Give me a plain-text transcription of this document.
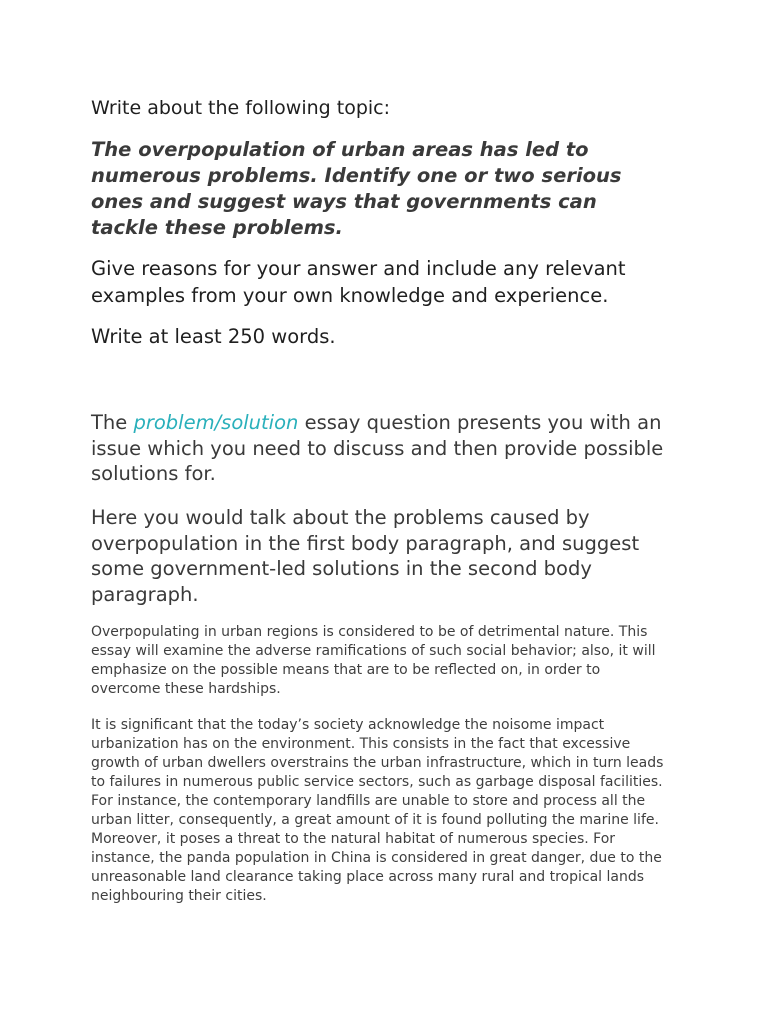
Write about the following topic:

The overpopulation of urban areas has led to numerous problems. Identify one or two serious ones and suggest ways that governments can tackle these problems.

Give reasons for your answer and include any relevant examples from your own knowledge and experience.

Write at least 250 words.

The problem/solution essay question presents you with an issue which you need to discuss and then provide possible solutions for.

Here you would talk about the problems caused by overpopulation in the first body paragraph, and suggest some government-led solutions in the second body paragraph.

Overpopulating in urban regions is considered to be of detrimental nature. This essay will examine the adverse ramifications of such social behavior; also, it will emphasize on the possible means that are to be reflected on, in order to overcome these hardships.

It is significant that the today’s society acknowledge the noisome impact urbanization has on the environment. This consists in the fact that excessive growth of urban dwellers overstrains the urban infrastructure, which in turn leads to failures in numerous public service sectors, such as garbage disposal facilities. For instance, the contemporary landfills are unable to store and process all the urban litter, consequently, a great amount of it is found polluting the marine life. Moreover, it poses a threat to the natural habitat of numerous species. For instance, the panda population in China is considered in great danger, due to the unreasonable land clearance taking place across many rural and tropical lands neighbouring their cities.
